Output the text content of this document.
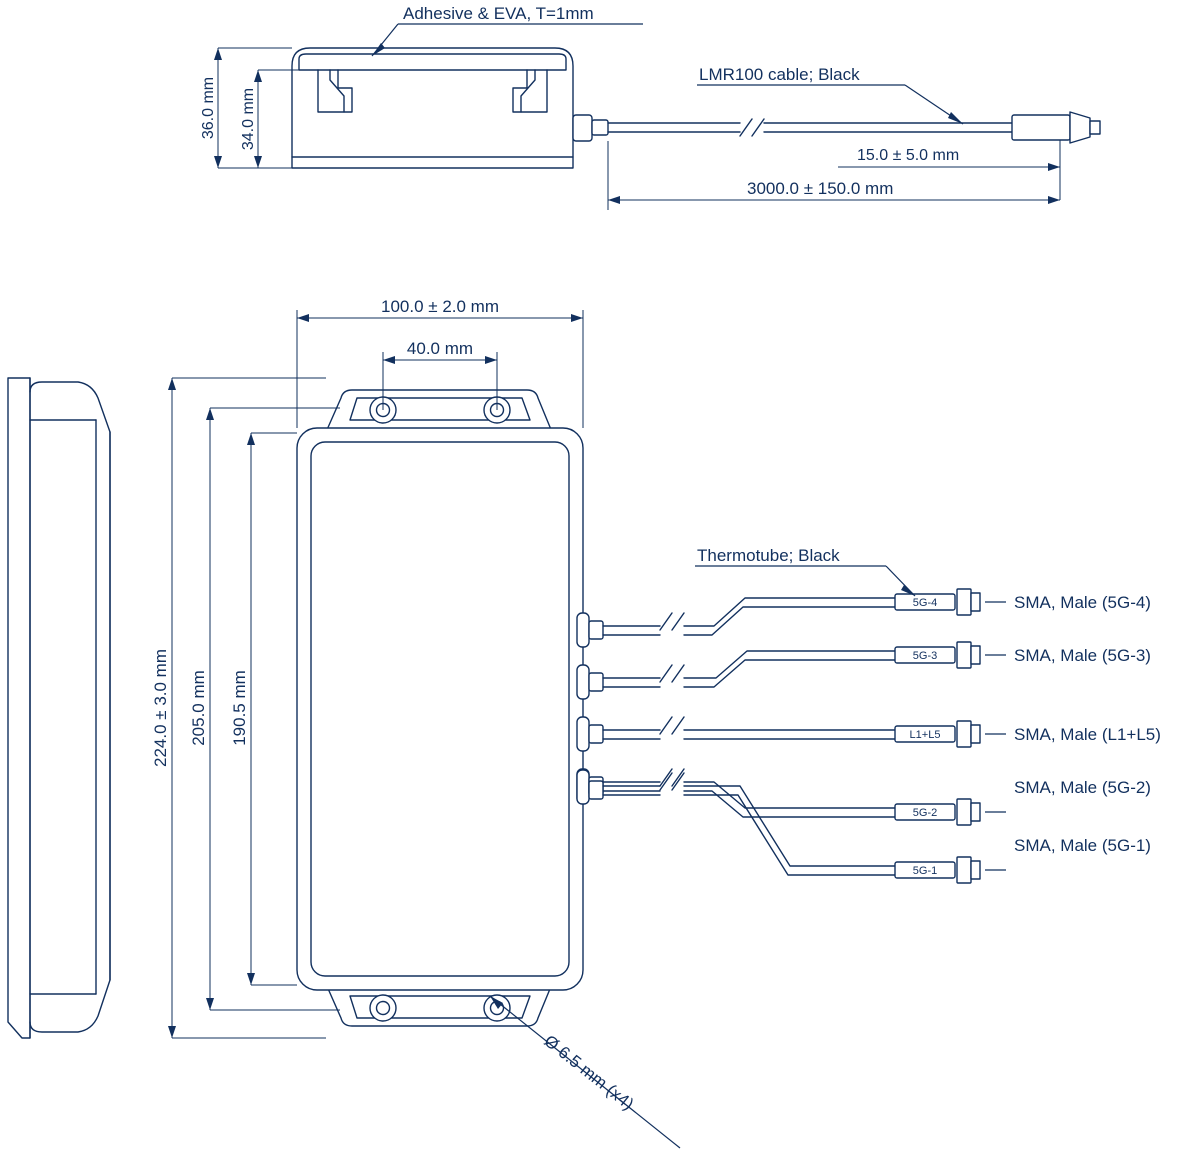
Adhesive & EVA, T=1mm
LMR100 cable; Black
36.0 mm 34.0 mm
15.0 ± 5.0 mm
3000.0 ± 150.0 mm
5G-4	SMA, Male (5G-4)
5G-3	SMA, Male (5G-3)
L1+L5	SMA, Male (L1+L5)
5G-2
SMA, Male (5G-2)
5G-1
SMA, Male (5G-1)
Thermotube; Black
Ø 6.5 mm (x4)
100.0 ± 2.0 mm
40.0 mm
224.0 ± 3.0 mm 205.0 mm 190.5 mm
